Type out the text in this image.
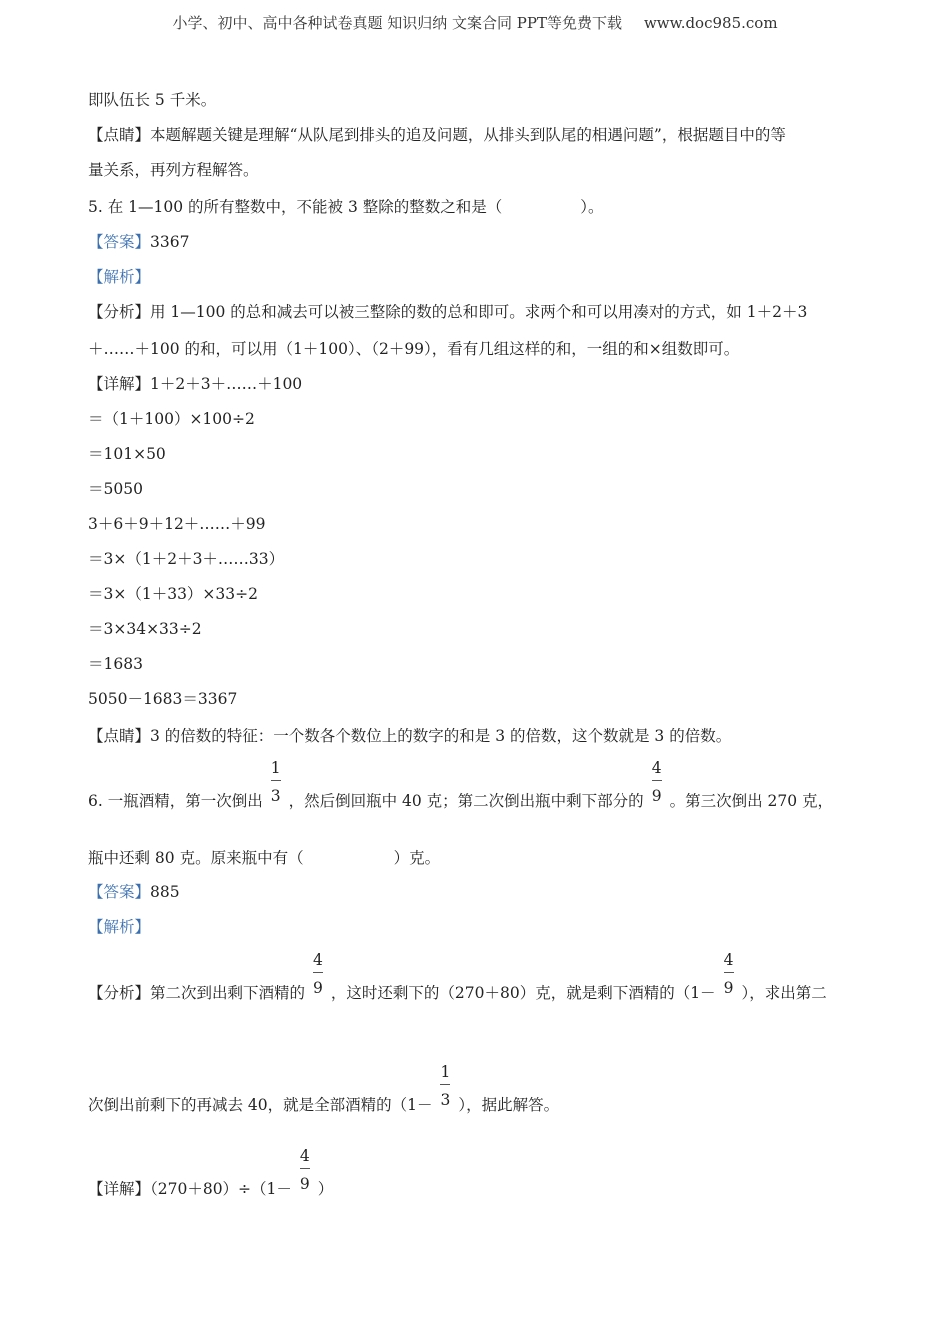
小学、初中、高中各种试卷真题 知识归纳 文案合同 PPT等免费下载 www.doc985.com
即队伍长 5 千米。
【点睛】本题解题关键是理解“从队尾到排头的追及问题，从排头到队尾的相遇问题”，根据题目中的等
量关系，再列方程解答。
5. 在 1—100 的所有整数中，不能被 3 整除的整数之和是（	）。
【答案】3367
【解析】
【分析】用 1—100 的总和减去可以被三整除的数的总和即可。求两个和可以用凑对的方式，如 1＋2＋3
＋……＋100 的和，可以用（1＋100）、（2＋99），看有几组这样的和，一组的和×组数即可。
【详解】1＋2＋3＋……＋100
＝（1＋100）×100÷2
＝101×50
＝5050
3＋6＋9＋12＋……＋99
＝3×（1＋2＋3＋……33）
＝3×（1＋33）×33÷2
＝3×34×33÷2
＝1683
5050－1683＝3367
【点睛】3 的倍数的特征：一个数各个数位上的数字的和是 3 的倍数，这个数就是 3 的倍数。
6. 一瓶酒精，第一次倒出 $\frac{1}{3}$ ，然后倒回瓶中 40 克；第二次倒出瓶中剩下部分的 $\frac{4}{9}$ 。第三次倒出 270 克，
瓶中还剩 80 克。原来瓶中有（	）克。
【答案】885
【解析】
【分析】第二次到出剩下酒精的 $\frac{4}{9}$ ，这时还剩下的（270＋80）克，就是剩下酒精的（$1- \frac{4}{9}$ ），求出第二
次倒出前剩下的再减去 40，就是全部酒精的（$1- \frac{1}{3}$ ），据此解答。
【详解】$(270+80)\div(1- \frac{4}{9}$ ）
